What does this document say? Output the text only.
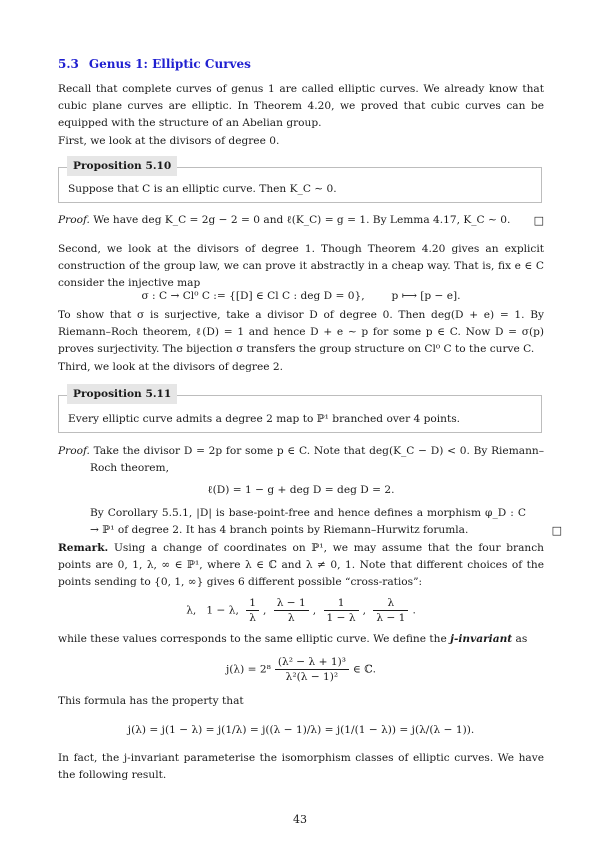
5.3 Genus 1: Elliptic Curves
Recall that complete curves of genus 1 are called elliptic curves. We already know that cubic plane curves are elliptic. In Theorem 4.20, we proved that cubic curves can be equipped with the structure of an Abelian group.
First, we look at the divisors of degree 0.
Proposition 5.10
Suppose that C is an elliptic curve. Then K_C ∼ 0.
Proof. We have deg K_C = 2g − 2 = 0 and ℓ(K_C) = g = 1. By Lemma 4.17, K_C ∼ 0. □
Second, we look at the divisors of degree 1. Though Theorem 4.20 gives an explicit construction of the group law, we can prove it abstractly in a cheap way. That is, fix e ∈ C consider the injective map
σ : C → Cl⁰ C := {[D] ∈ Cl C : deg D = 0},        p ⟼ [p − e].
To show that σ is surjective, take a divisor D of degree 0. Then deg(D + e) = 1. By Riemann–Roch theorem, ℓ(D) = 1 and hence D + e ∼ p for some p ∈ C. Now D = σ(p) proves surjectivity. The bijection σ transfers the group structure on Cl⁰ C to the curve C.
Third, we look at the divisors of degree 2.
Proposition 5.11
Every elliptic curve admits a degree 2 map to ℙ¹ branched over 4 points.
Proof. Take the divisor D = 2p for some p ∈ C. Note that deg(K_C − D) < 0. By Riemann–Roch theorem,
ℓ(D) = 1 − g + deg D = deg D = 2.
By Corollary 5.5.1, |D| is base-point-free and hence defines a morphism φ_D : C → ℙ¹ of degree 2. It has 4 branch points by Riemann–Hurwitz forumla.	□
Remark. Using a change of coordinates on ℙ¹, we may assume that the four branch points are 0, 1, λ, ∞ ∈ ℙ¹, where λ ∈ ℂ and λ ≠ 0, 1. Note that different choices of the points sending to {0, 1, ∞} gives 6 different possible “cross-ratios”:
λ, 1 − λ, $\frac{1}{\lambda}$ , $\frac{\lambda - 1}{\lambda}$ , $\frac{1}{1 - \lambda}$ , $\frac{\lambda}{\lambda - 1}$ .
while these values corresponds to the same elliptic curve. We define the j-invariant as
$j(\lambda) = 2^8 \frac{\text{(λ² − λ + 1)³}}{\text{λ²(λ − 1)²}}$ ∈ ℂ.
This formula has the property that
j(λ) = j(1 − λ) = j(1/λ) = j((λ − 1)/λ) = j(1/(1 − λ)) = j(λ/(λ − 1)).
In fact, the j-invariant parameterise the isomorphism classes of elliptic curves. We have the following result.
43
